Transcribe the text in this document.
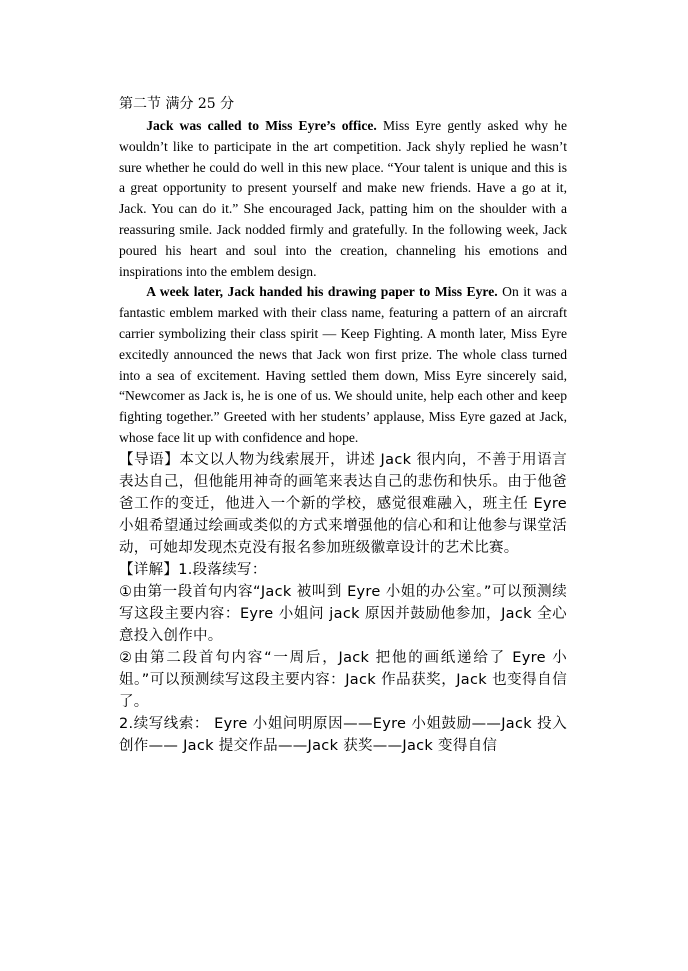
第二节 满分 25 分

Jack was called to Miss Eyre’s office. Miss Eyre gently asked why he wouldn’t like to participate in the art competition. Jack shyly replied he wasn’t sure whether he could do well in this new place. “Your talent is unique and this is a great opportunity to present yourself and make new friends. Have a go at it, Jack. You can do it.” She encouraged Jack, patting him on the shoulder with a reassuring smile. Jack nodded firmly and gratefully. In the following week, Jack poured his heart and soul into the creation, channeling his emotions and inspirations into the emblem design.

A week later, Jack handed his drawing paper to Miss Eyre. On it was a fantastic emblem marked with their class name, featuring a pattern of an aircraft carrier symbolizing their class spirit — Keep Fighting. A month later, Miss Eyre excitedly announced the news that Jack won first prize. The whole class turned into a sea of excitement. Having settled them down, Miss Eyre sincerely said, “Newcomer as Jack is, he is one of us. We should unite, help each other and keep fighting together.” Greeted with her students’ applause, Miss Eyre gazed at Jack, whose face lit up with confidence and hope.

【导语】本文以人物为线索展开，讲述 Jack 很内向，不善于用语言表达自己，但他能用神奇的画笔来表达自己的悲伤和快乐。由于他爸爸工作的变迁，他进入一个新的学校，感觉很难融入，班主任 Eyre 小姐希望通过绘画或类似的方式来增强他的信心和和让他参与课堂活动，可她却发现杰克没有报名参加班级徽章设计的艺术比赛。

【详解】1.段落续写：

①由第一段首句内容“Jack 被叫到 Eyre 小姐的办公室。”可以预测续写这段主要内容：Eyre 小姐问 jack 原因并鼓励他参加，Jack 全心意投入创作中。

②由第二段首句内容“一周后，Jack 把他的画纸递给了 Eyre 小姐。”可以预测续写这段主要内容：Jack 作品获奖，Jack 也变得自信了。

2.续写线索： Eyre 小姐问明原因——Eyre 小姐鼓励——Jack 投入创作—— Jack 提交作品——Jack 获奖——Jack 变得自信
